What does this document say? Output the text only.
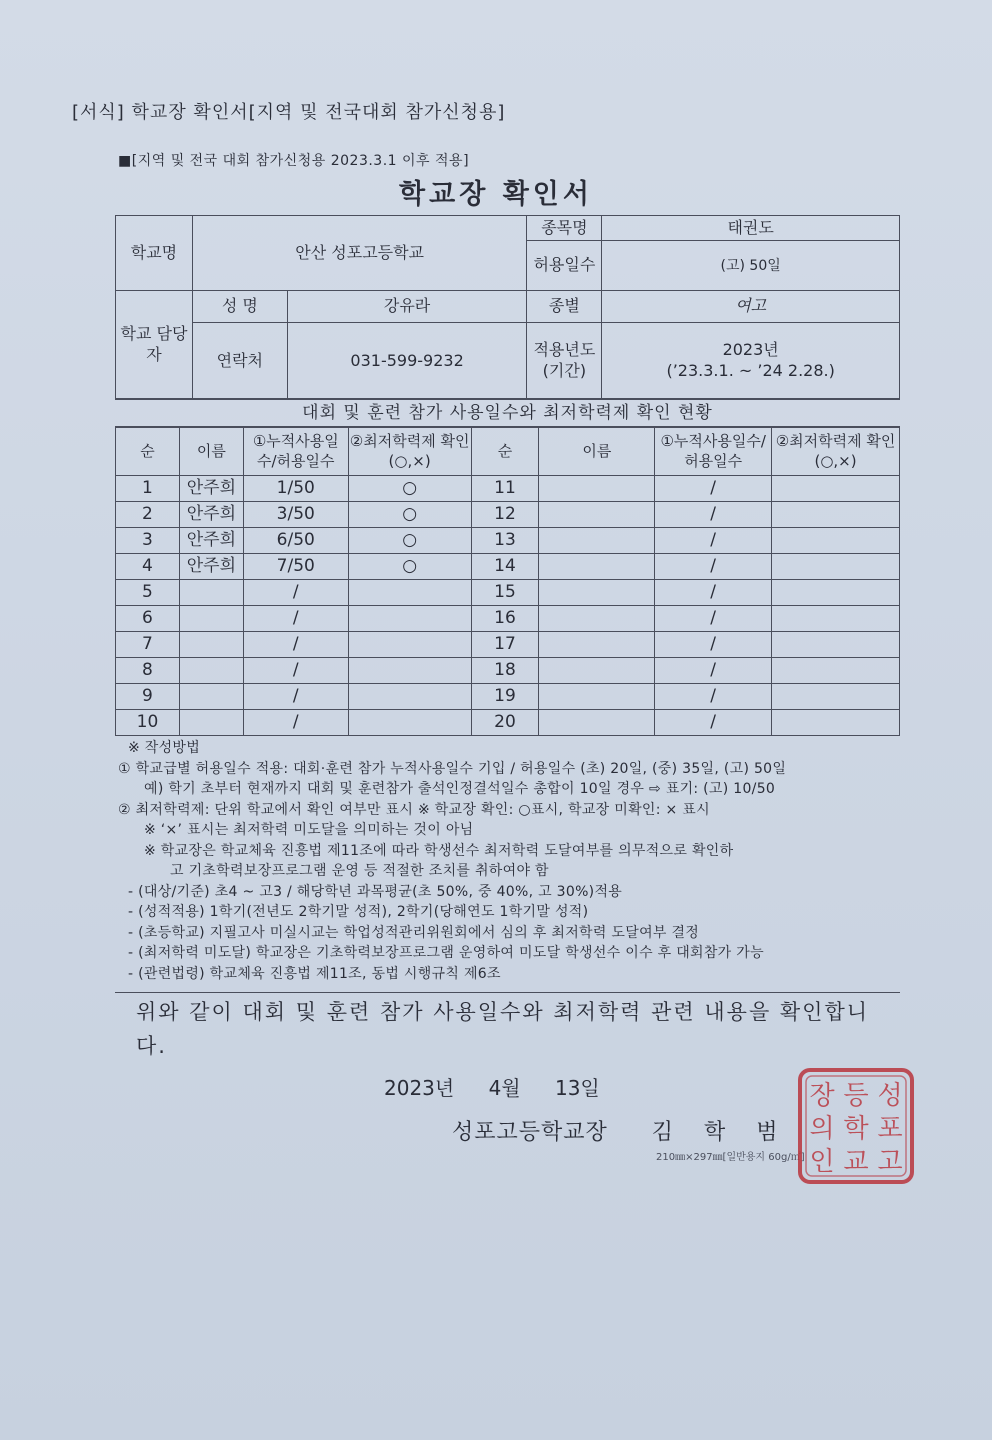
[서식] 학교장 확인서[지역 및 전국대회 참가신청용]
■[지역 및 전국 대회 참가신청용 2023.3.1 이후 적용]
학교장 확인서
학교명	안산 성포고등학교		종목명	태권도
			허용일수	(고) 50일
학교 담당자	성 명	강유라	종별	여고
	연락처	031-599-9232	적용년도 (기간)	2023년
(’23.3.1. ~ ’24 2.28.)
대회 및 훈련 참가 사용일수와 최저학력제 확인 현황
순	이름	①누적사용일수/허용일수	②최저학력제 확인(○,×)	순	이름	①누적사용일수/허용일수	②최저학력제 확인(○,×)
1	안주희	1/50	○	11		/	
2	안주희	3/50	○	12		/	
3	안주희	6/50	○	13		/	
4	안주희	7/50	○	14		/	
5		/		15		/	
6		/		16		/	
7		/		17		/	
8		/		18		/	
9		/		19		/	
10		/		20		/	
※ 작성방법
① 학교급별 허용일수 적용: 대회·훈련 참가 누적사용일수 기입 / 허용일수 (초) 20일, (중) 35일, (고) 50일
예) 학기 초부터 현재까지 대회 및 훈련참가 출석인정결석일수 총합이 10일 경우 ⇨ 표기: (고) 10/50
② 최저학력제: 단위 학교에서 확인 여부만 표시 ※ 학교장 확인: ○표시, 학교장 미확인: × 표시
※ ‘×’ 표시는 최저학력 미도달을 의미하는 것이 아님
※ 학교장은 학교체육 진흥법 제11조에 따라 학생선수 최저학력 도달여부를 의무적으로 확인하
고 기초학력보장프로그램 운영 등 적절한 조치를 취하여야 함
- (대상/기준) 초4 ~ 고3 / 해당학년 과목평균(초 50%, 중 40%, 고 30%)적용
- (성적적용) 1학기(전년도 2학기말 성적), 2학기(당해연도 1학기말 성적)
- (초등학교) 지필고사 미실시교는 학업성적관리위원회에서 심의 후 최저학력 도달여부 결정
- (최저학력 미도달) 학교장은 기초학력보장프로그램 운영하여 미도달 학생선수 이수 후 대회참가 가능
- (관련법령) 학교체육 진흥법 제11조, 동법 시행규칙 제6조
위와 같이 대회 및 훈련 참가 사용일수와 최저학력 관련 내용을 확인합니다.
2023년 4월 13일
성포고등학교장 김 학 범
210㎜×297㎜[일반용지 60g/㎡]
성
포
고
등
학
교
장
의
인
